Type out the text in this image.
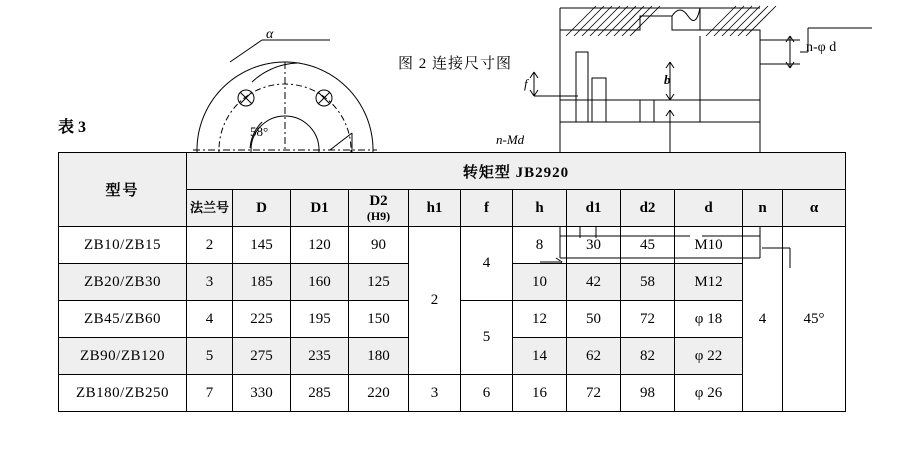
α
58°
n-Md
n-φ d
b
f
图 2 连接尺寸图
表 3
型号	转矩型 JB2920											
	法兰号	D	D1	D2
(H9)	h1	f	h	d1	d2	d	n	α
ZB10/ZB15	2	145	120	90	2	4	8	30	45	M10	4	45°
ZB20/ZB30	3	185	160	125			10	42	58	M12		
ZB45/ZB60	4	225	195	150		5	12	50	72	φ 18		
ZB90/ZB120	5	275	235	180			14	62	82	φ 22		
ZB180/ZB250	7	330	285	220	3	6	16	72	98	φ 26		
